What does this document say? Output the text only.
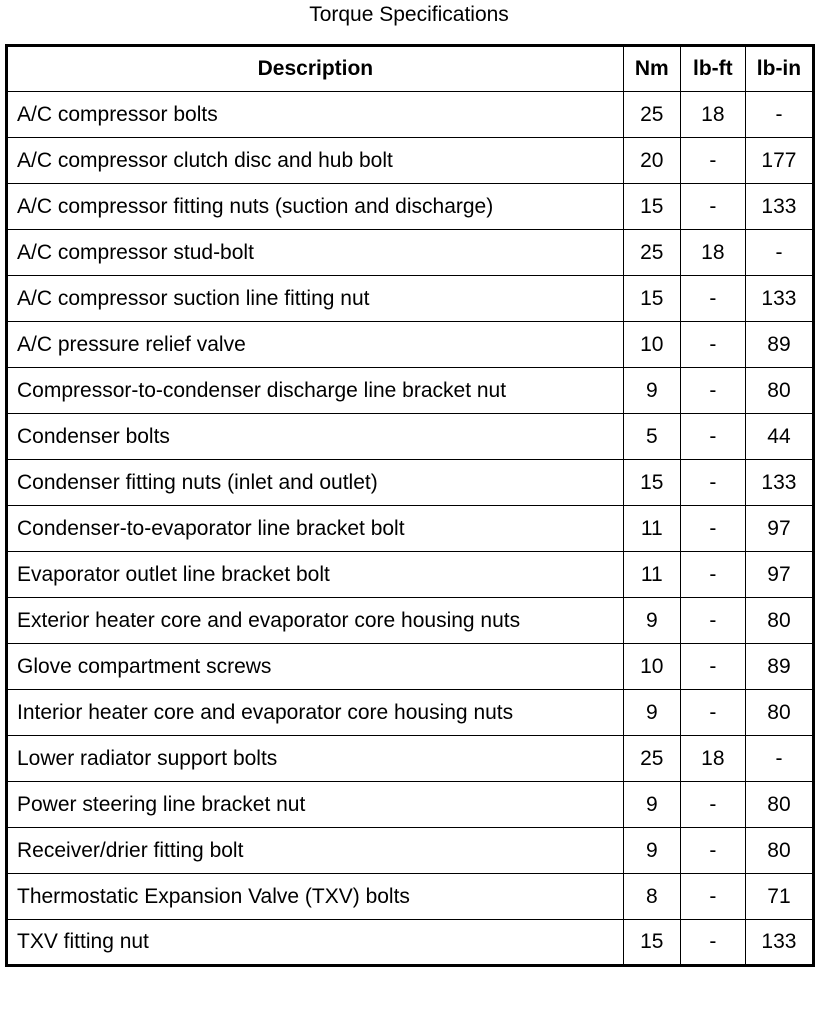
Torque Specifications
Description	Nm	lb-ft	lb-in
A/C compressor bolts	25	18	-
A/C compressor clutch disc and hub bolt	20	-	177
A/C compressor fitting nuts (suction and discharge)	15	-	133
A/C compressor stud-bolt	25	18	-
A/C compressor suction line fitting nut	15	-	133
A/C pressure relief valve	10	-	89
Compressor-to-condenser discharge line bracket nut	9	-	80
Condenser bolts	5	-	44
Condenser fitting nuts (inlet and outlet)	15	-	133
Condenser-to-evaporator line bracket bolt	11	-	97
Evaporator outlet line bracket bolt	11	-	97
Exterior heater core and evaporator core housing nuts	9	-	80
Glove compartment screws	10	-	89
Interior heater core and evaporator core housing nuts	9	-	80
Lower radiator support bolts	25	18	-
Power steering line bracket nut	9	-	80
Receiver/drier fitting bolt	9	-	80
Thermostatic Expansion Valve (TXV) bolts	8	-	71
TXV fitting nut	15	-	133
